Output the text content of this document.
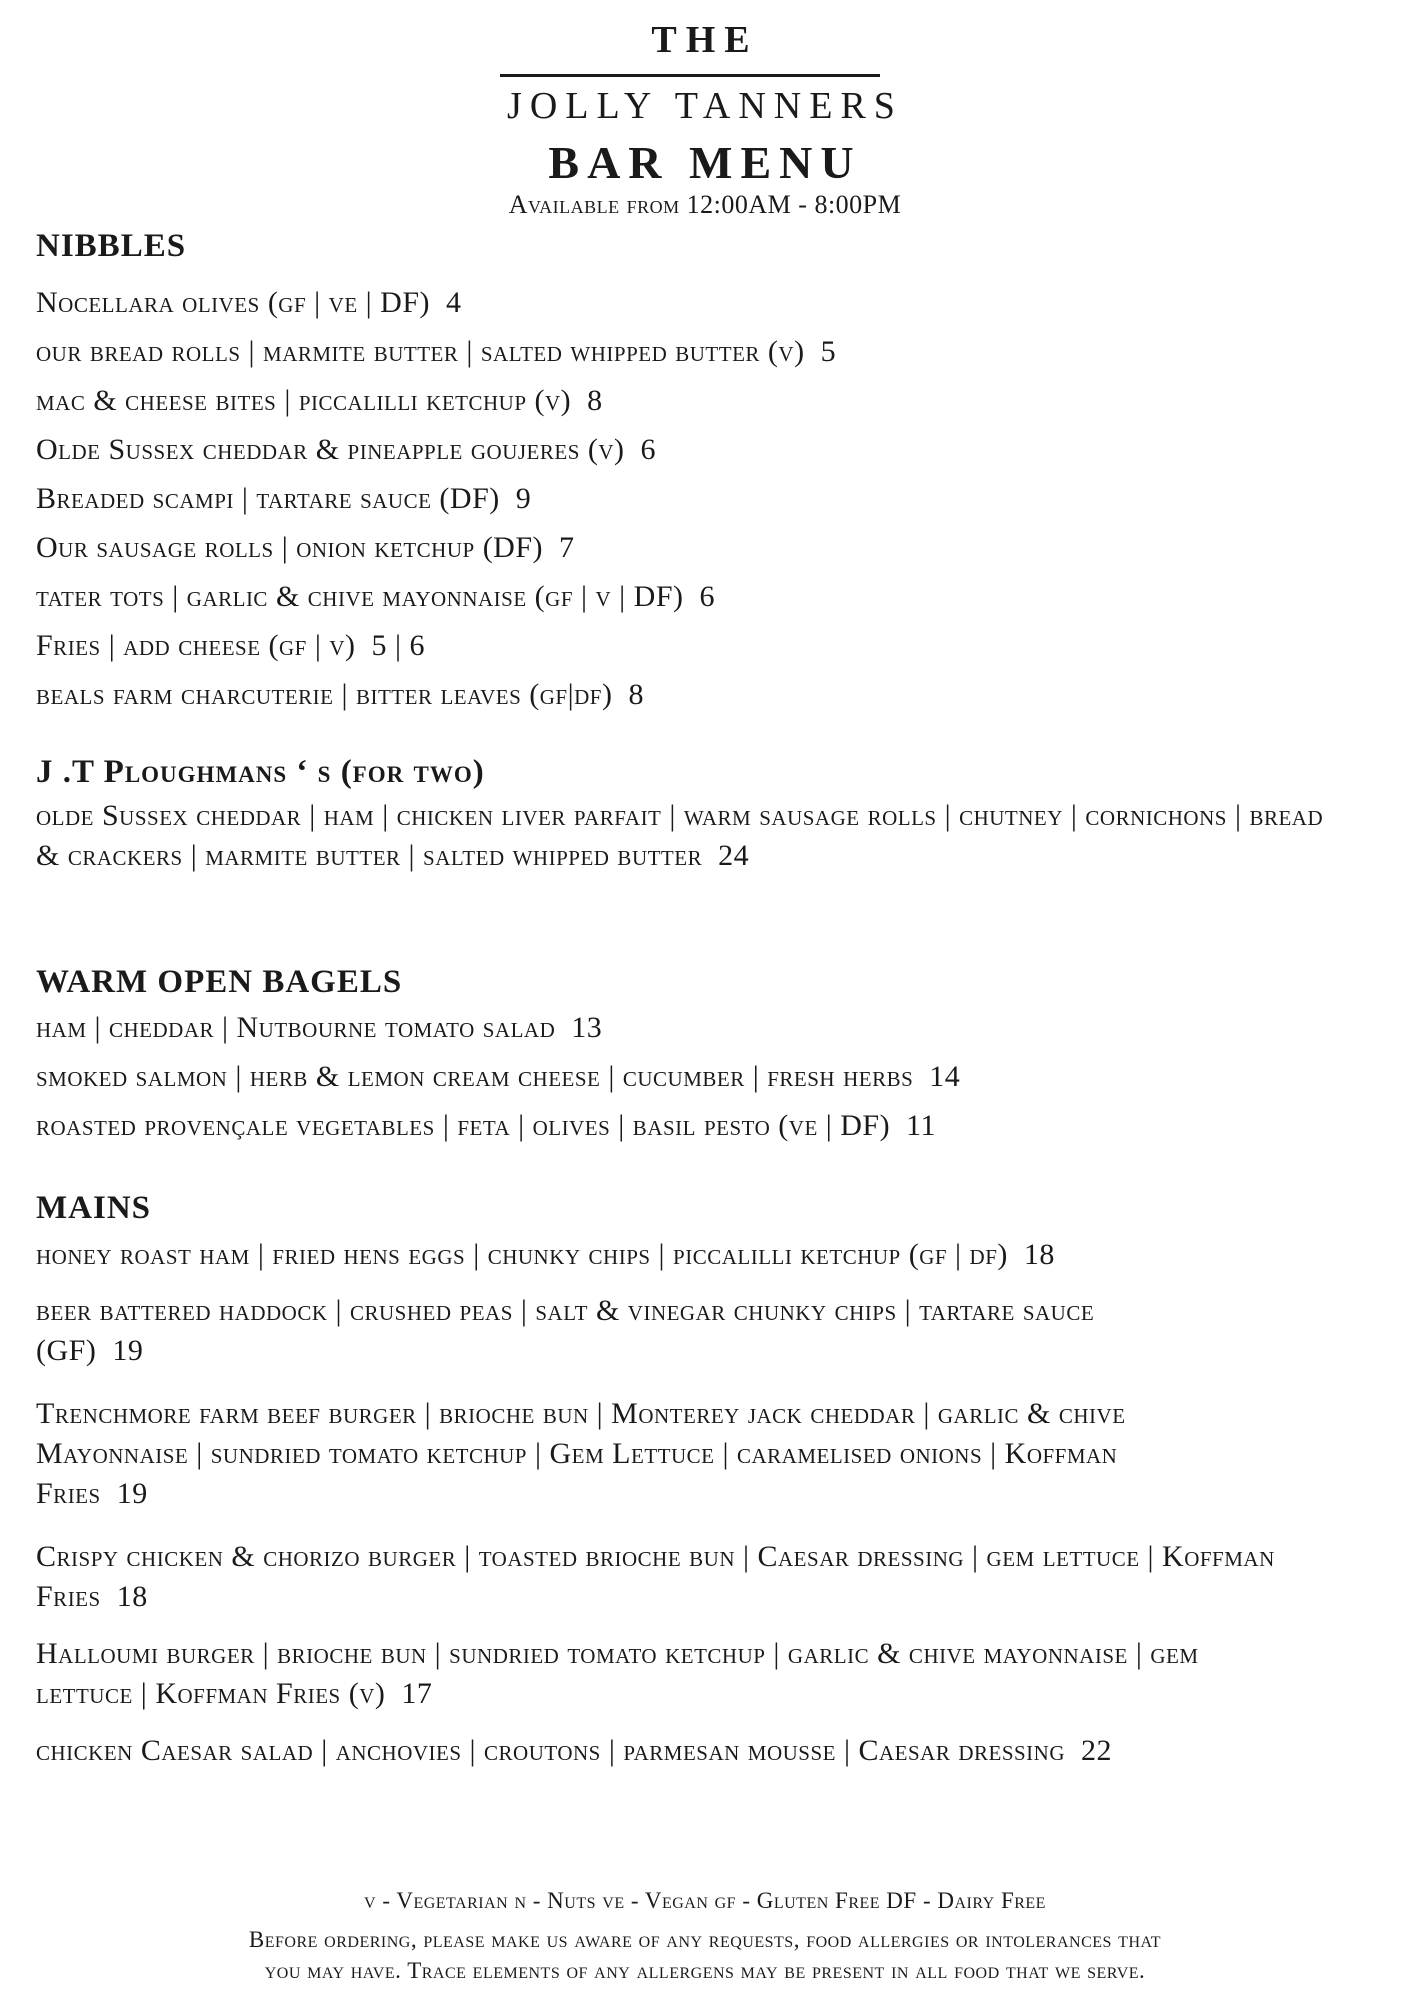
THE
JOLLY TANNERS
BAR MENU
Available from 12:00AM - 8:00PM
NIBBLES

Nocellara olives (gf | ve | DF) 4

our bread rolls | marmite butter | salted whipped butter (v) 5

mac & cheese bites | piccalilli ketchup (v) 8

Olde Sussex cheddar & pineapple goujeres (v) 6

Breaded scampi | tartare sauce (DF) 9

Our sausage rolls | onion ketchup (DF) 7

tater tots | garlic & chive mayonnaise (gf | v | DF) 6

Fries | add cheese (gf | v) 5 | 6

beals farm charcuterie | bitter leaves (gf|df) 8

J .T Ploughmans ‘ s (for two)

olde Sussex cheddar | ham | chicken liver parfait | warm sausage rolls | chutney | cornichons | bread & crackers | marmite butter | salted whipped butter 24

WARM OPEN BAGELS

ham | cheddar | Nutbourne tomato salad 13

smoked salmon | herb & lemon cream cheese | cucumber | fresh herbs 14

roasted provençale vegetables | feta | olives | basil pesto (ve | DF) 11

MAINS

honey roast ham | fried hens eggs | chunky chips | piccalilli ketchup (gf | df) 18

beer battered haddock | crushed peas | salt & vinegar chunky chips | tartare sauce (GF) 19

Trenchmore farm beef burger | brioche bun | Monterey jack cheddar | garlic & chive Mayonnaise | sundried tomato ketchup | Gem Lettuce | caramelised onions | Koffman Fries 19

Crispy chicken & chorizo burger | toasted brioche bun | Caesar dressing | gem lettuce | Koffman Fries 18

Halloumi burger | brioche bun | sundried tomato ketchup | garlic & chive mayonnaise | gem lettuce | Koffman Fries (v) 17

chicken Caesar salad | anchovies | croutons | parmesan mousse | Caesar dressing 22

v - Vegetarian n - Nuts ve - Vegan gf - Gluten Free DF - Dairy Free
Before ordering, please make us aware of any requests, food allergies or intolerances that
you may have. Trace elements of any allergens may be present in all food that we serve.
